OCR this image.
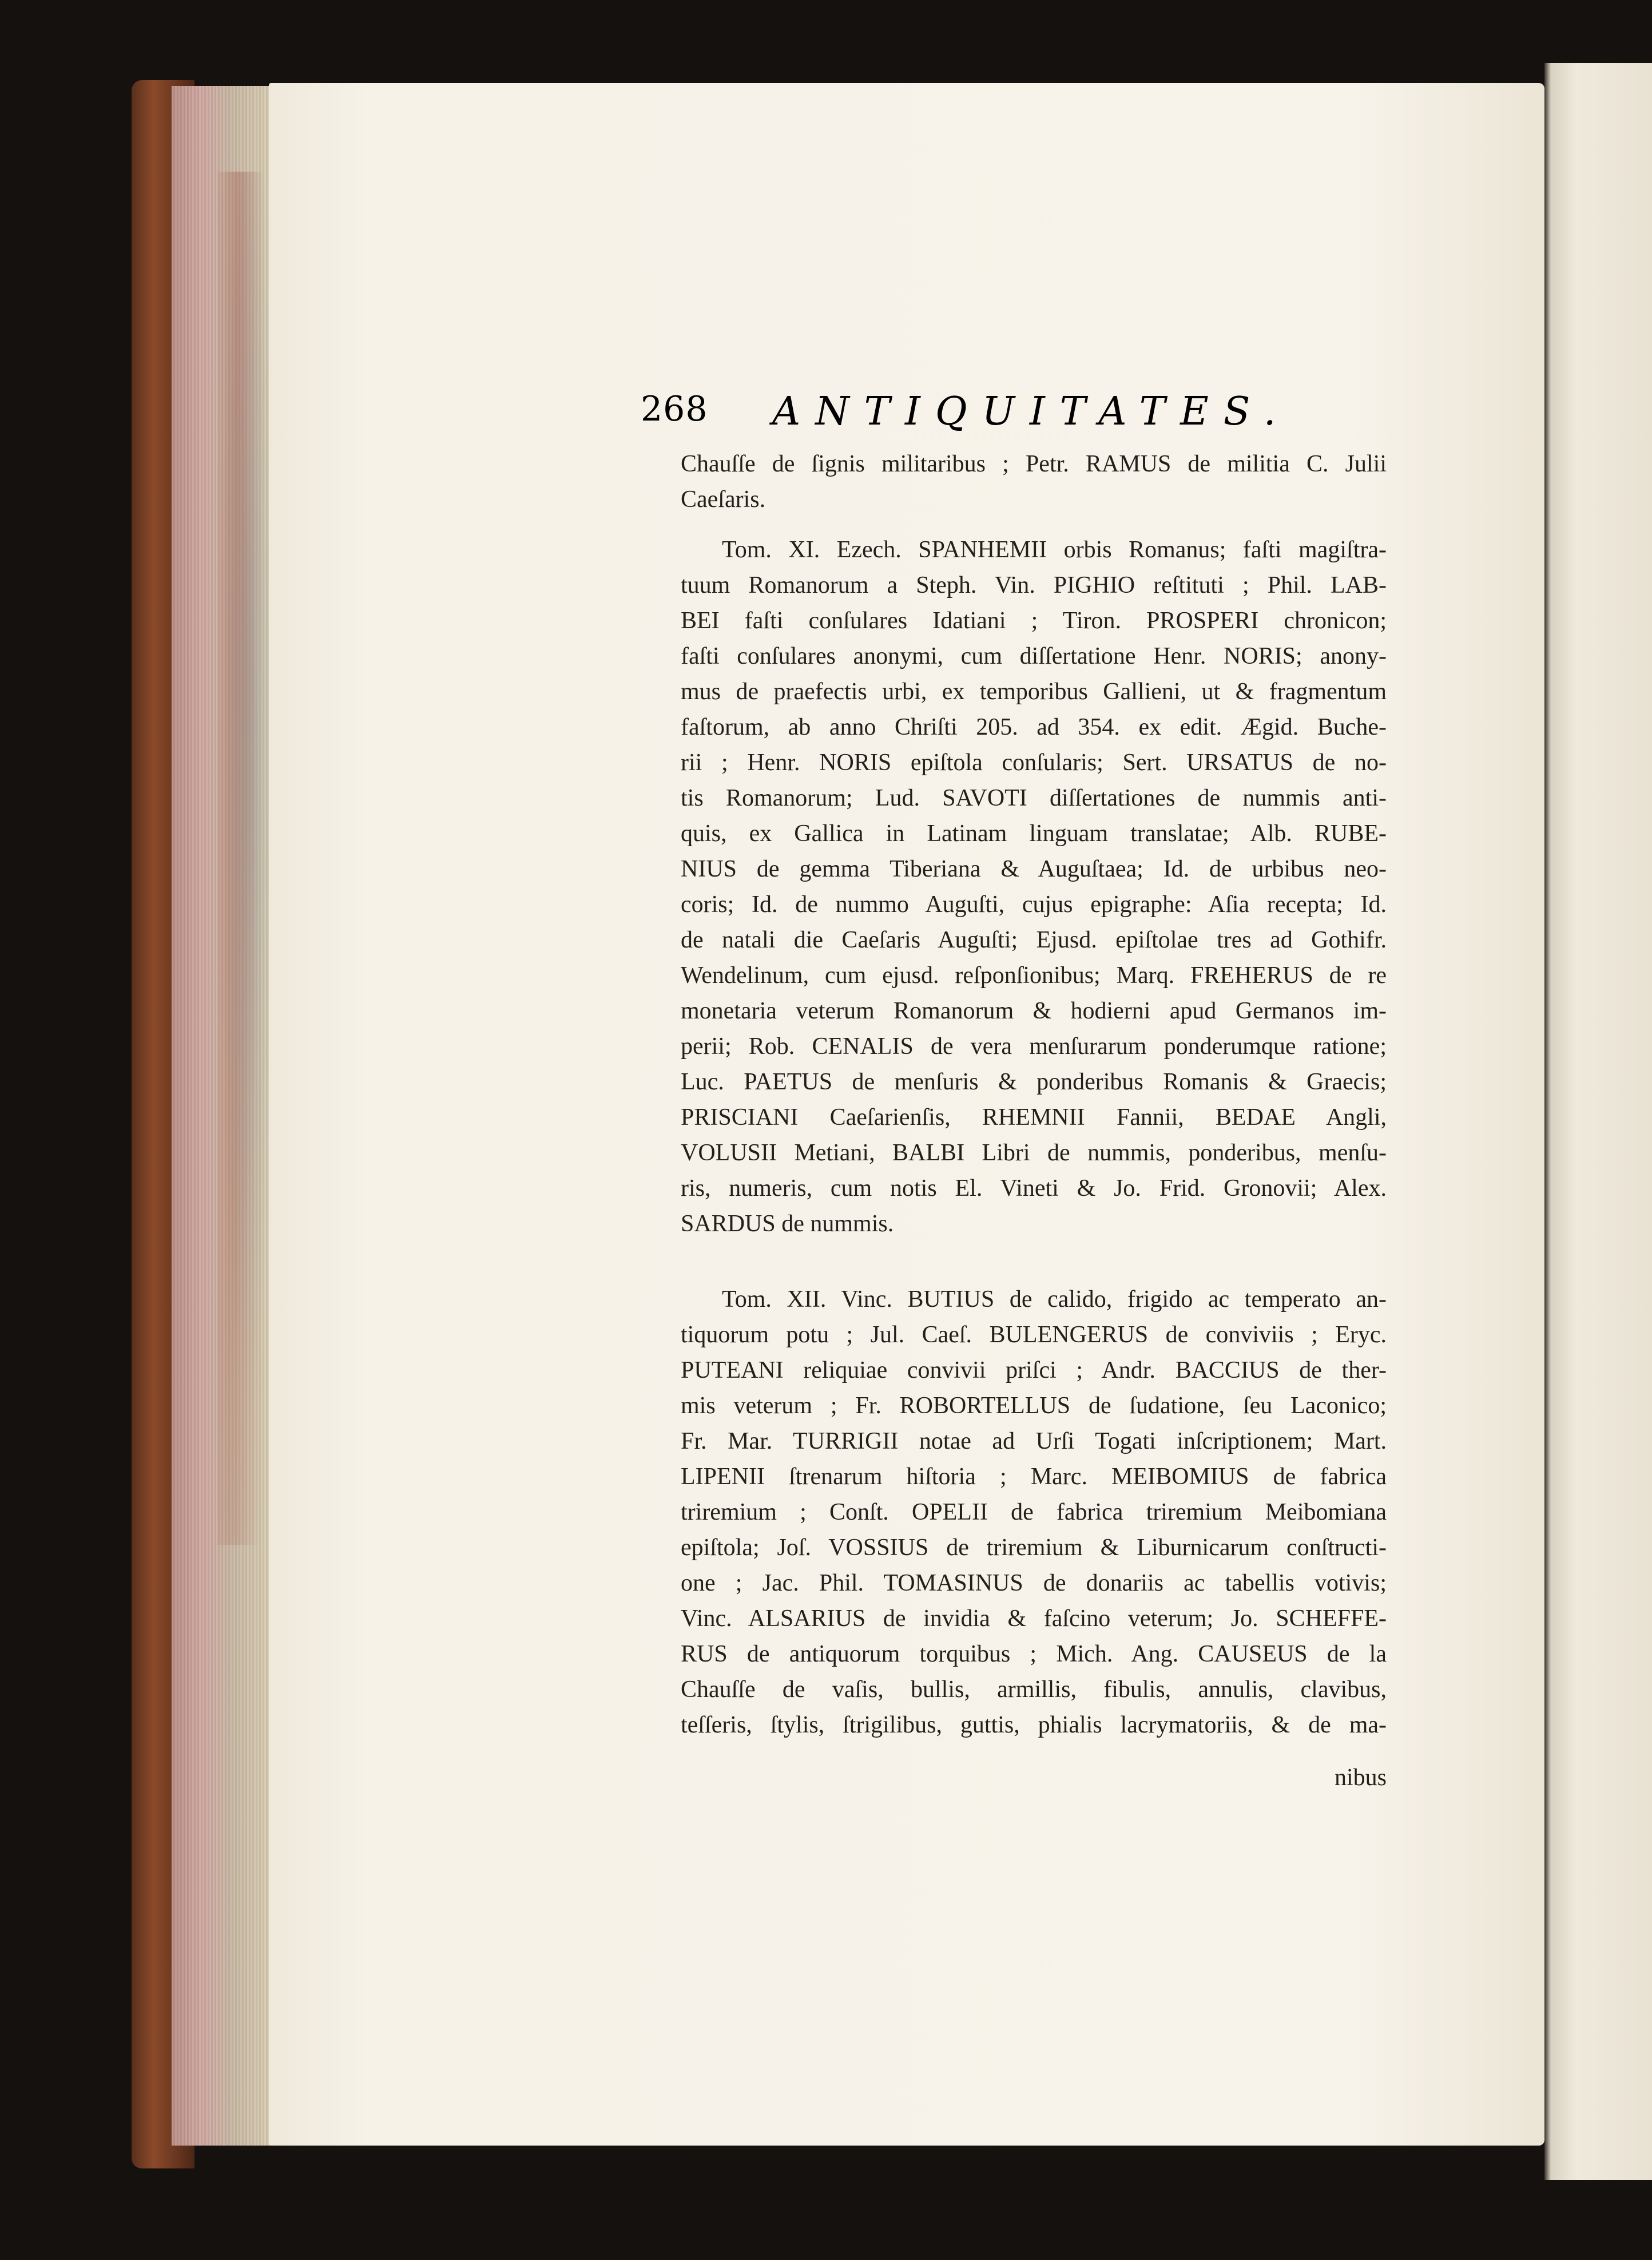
268 ANTIQUITATES.
Chauſſe de ſignis militaribus ; Petr. RAMUS de militia C. Julii
Caeſaris.
Tom. XI. Ezech. SPANHEMII orbis Romanus; faſti magiſtra-
tuum Romanorum a Steph. Vin. PIGHIO reſtituti ; Phil. LAB-
BEI faſti conſulares Idatiani ; Tiron. PROSPERI chronicon;
faſti conſulares anonymi, cum diſſertatione Henr. NORIS; anony-
mus de praefectis urbi, ex temporibus Gallieni, ut & fragmentum
faſtorum, ab anno Chriſti 205. ad 354. ex edit. Ægid. Buche-
rii ; Henr. NORIS epiſtola conſularis; Sert. URSATUS de no-
tis Romanorum; Lud. SAVOTI diſſertationes de nummis anti-
quis, ex Gallica in Latinam linguam translatae; Alb. RUBE-
NIUS de gemma Tiberiana & Auguſtaea; Id. de urbibus neo-
coris; Id. de nummo Auguſti, cujus epigraphe: Aſia recepta; Id.
de natali die Caeſaris Auguſti; Ejusd. epiſtolae tres ad Gothifr.
Wendelinum, cum ejusd. reſponſionibus; Marq. FREHERUS de re
monetaria veterum Romanorum & hodierni apud Germanos im-
perii; Rob. CENALIS de vera menſurarum ponderumque ratione;
Luc. PAETUS de menſuris & ponderibus Romanis & Graecis;
PRISCIANI Caeſarienſis, RHEMNII Fannii, BEDAE Angli,
VOLUSII Metiani, BALBI Libri de nummis, ponderibus, menſu-
ris, numeris, cum notis El. Vineti & Jo. Frid. Gronovii; Alex.
SARDUS de nummis.
Tom. XII. Vinc. BUTIUS de calido, frigido ac temperato an-
tiquorum potu ; Jul. Caeſ. BULENGERUS de conviviis ; Eryc.
PUTEANI reliquiae convivii priſci ; Andr. BACCIUS de ther-
mis veterum ; Fr. ROBORTELLUS de ſudatione, ſeu Laconico;
Fr. Mar. TURRIGII notae ad Urſi Togati inſcriptionem; Mart.
LIPENII ſtrenarum hiſtoria ; Marc. MEIBOMIUS de fabrica
triremium ; Conſt. OPELII de fabrica triremium Meibomiana
epiſtola; Joſ. VOSSIUS de triremium & Liburnicarum conſtructi-
one ; Jac. Phil. TOMASINUS de donariis ac tabellis votivis;
Vinc. ALSARIUS de invidia & faſcino veterum; Jo. SCHEFFE-
RUS de antiquorum torquibus ; Mich. Ang. CAUSEUS de la
Chauſſe de vaſis, bullis, armillis, fibulis, annulis, clavibus,
teſſeris, ſtylis, ſtrigilibus, guttis, phialis lacrymatoriis, & de ma-
nibus
